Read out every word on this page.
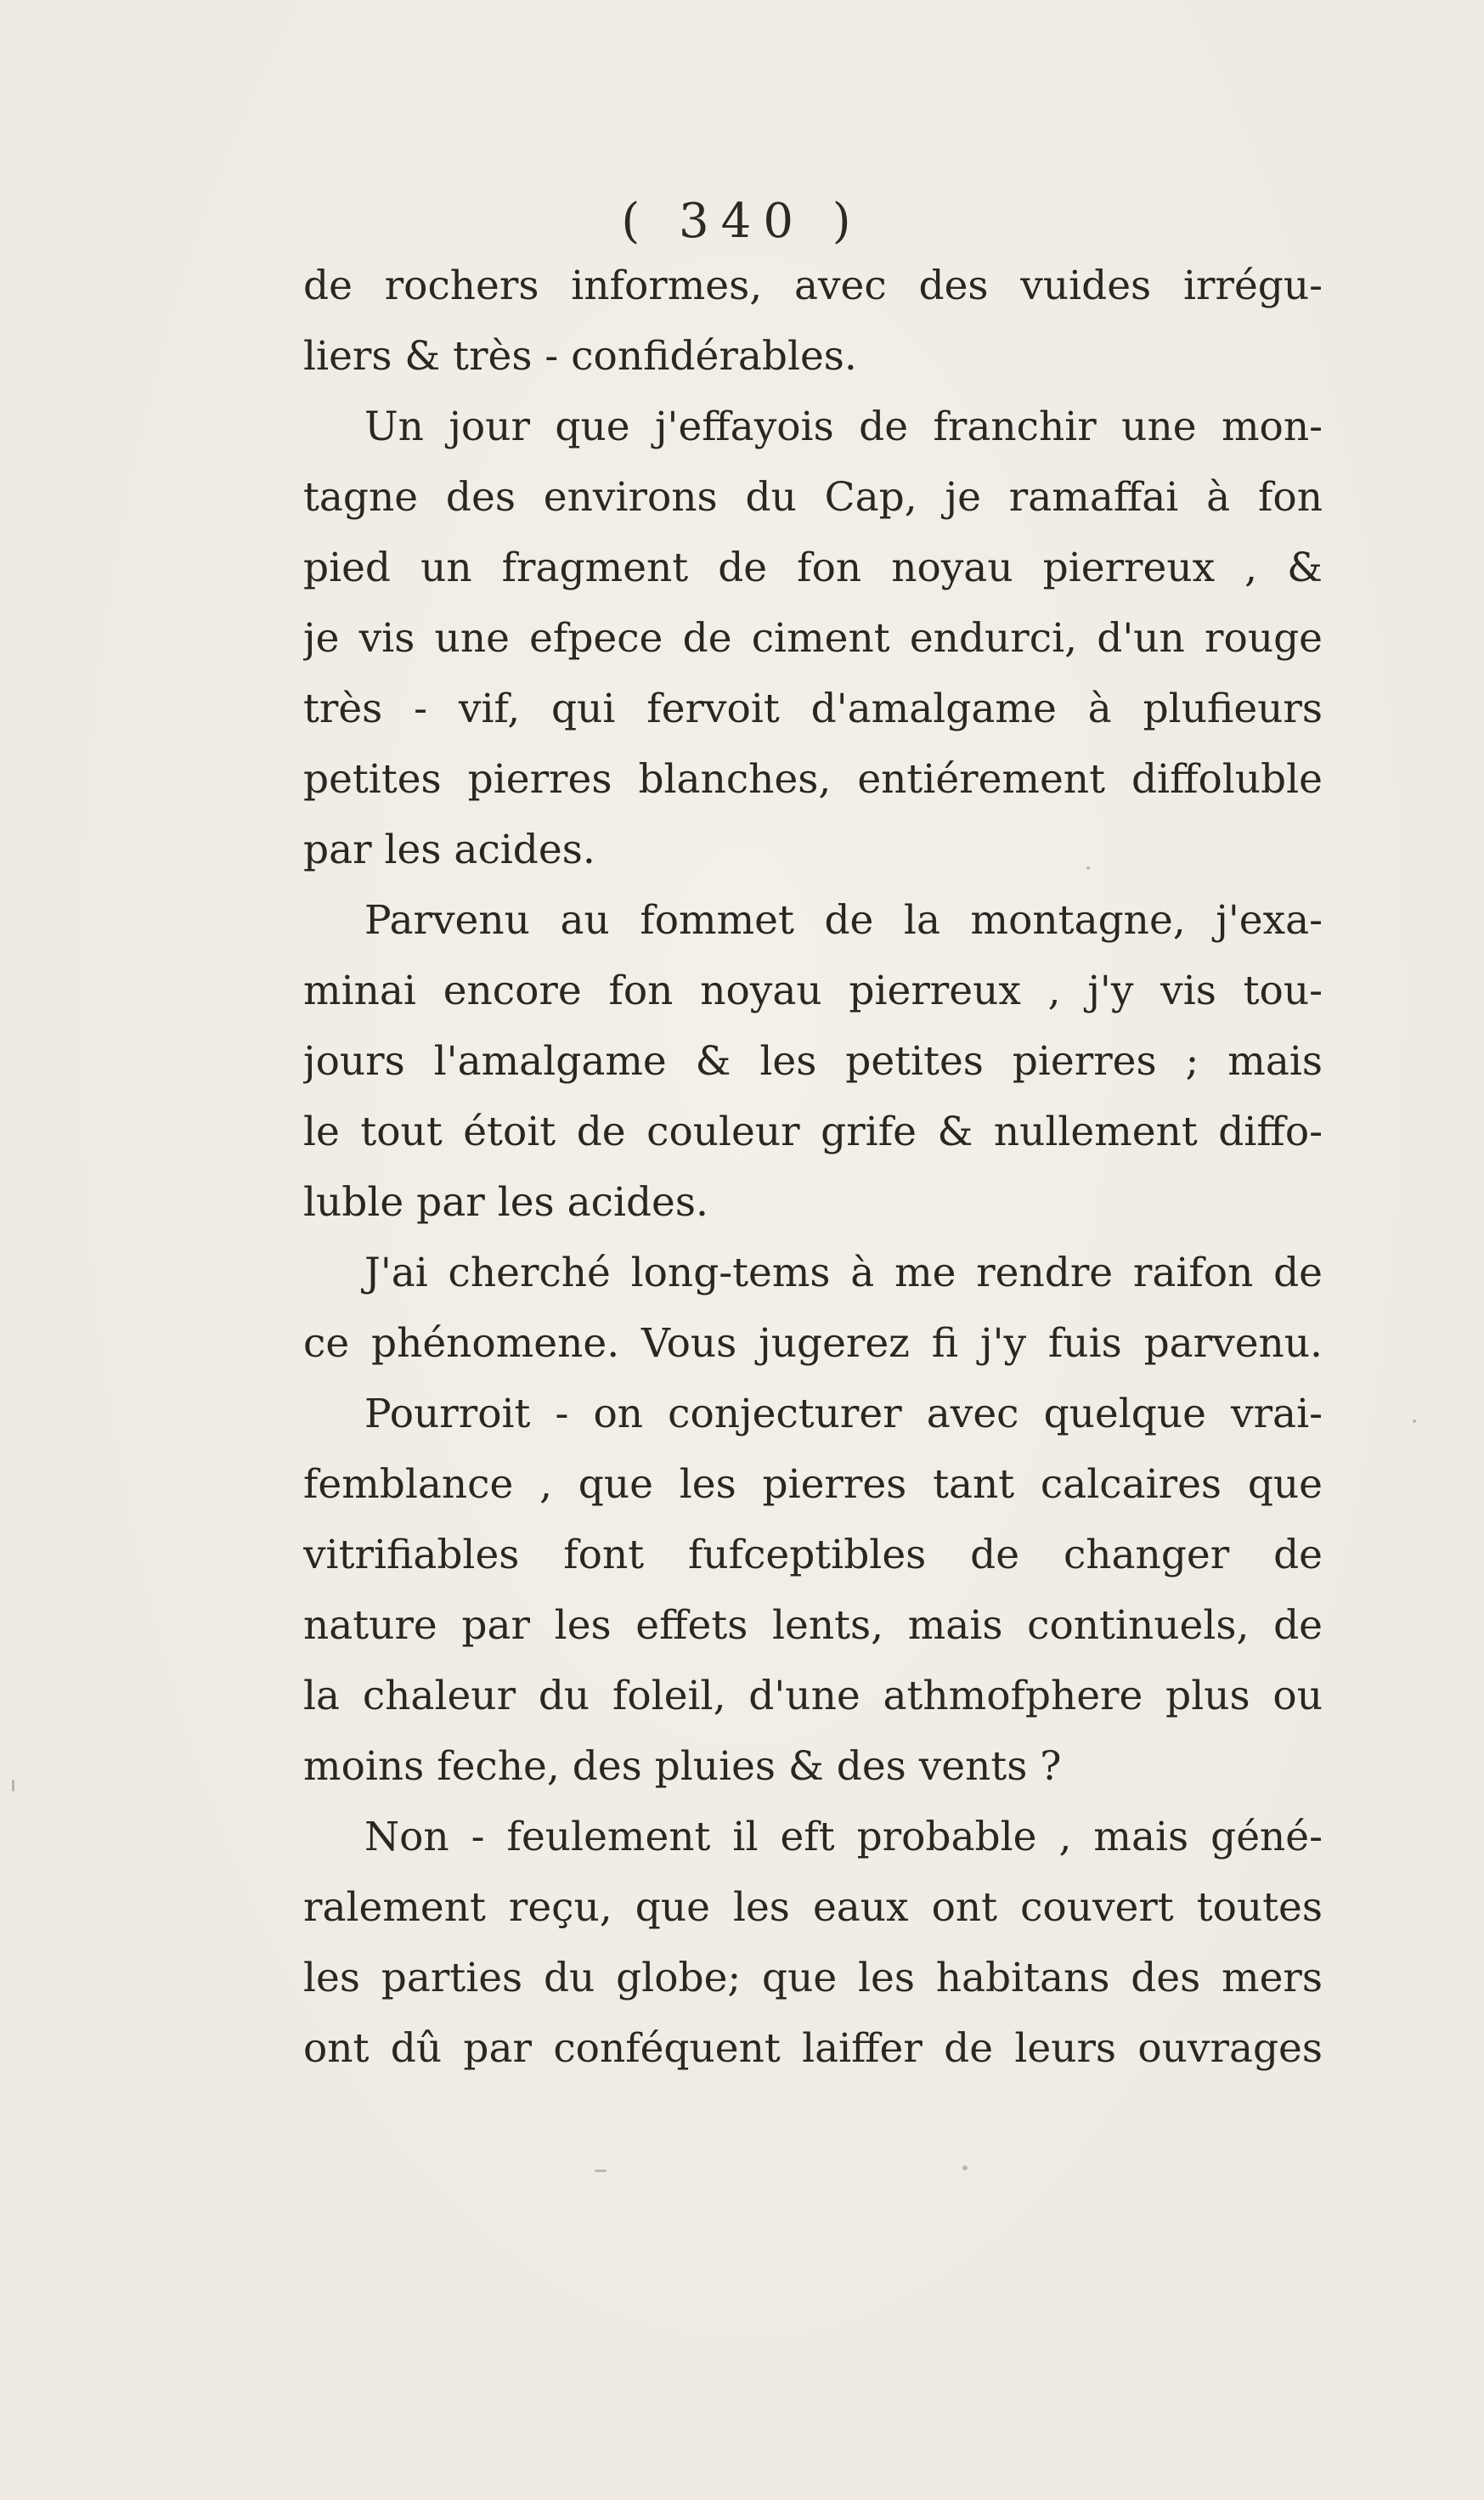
( 340 )
de rochers informes, avec des vuides irrégu-
liers & très - confidérables.
Un jour que j'effayois de franchir une mon-
tagne des environs du Cap, je ramaffai à fon
pied un fragment de fon noyau pierreux , &
je vis une efpece de ciment endurci, d'un rouge
très - vif, qui fervoit d'amalgame à plufieurs
petites pierres blanches, entiérement diffoluble
par les acides.
Parvenu au fommet de la montagne, j'exa-
minai encore fon noyau pierreux , j'y vis tou-
jours l'amalgame & les petites pierres ; mais
le tout étoit de couleur grife & nullement diffo-
luble par les acides.
J'ai cherché long-tems à me rendre raifon de
ce phénomene. Vous jugerez fi j'y fuis parvenu.
Pourroit - on conjecturer avec quelque vrai-
femblance , que les pierres tant calcaires que
vitrifiables font fufceptibles de changer de
nature par les effets lents, mais continuels, de
la chaleur du foleil, d'une athmofphere plus ou
moins feche, des pluies & des vents ?
Non - feulement il eft probable , mais géné-
ralement reçu, que les eaux ont couvert toutes
les parties du globe; que les habitans des mers
ont dû par conféquent laiffer de leurs ouvrages
